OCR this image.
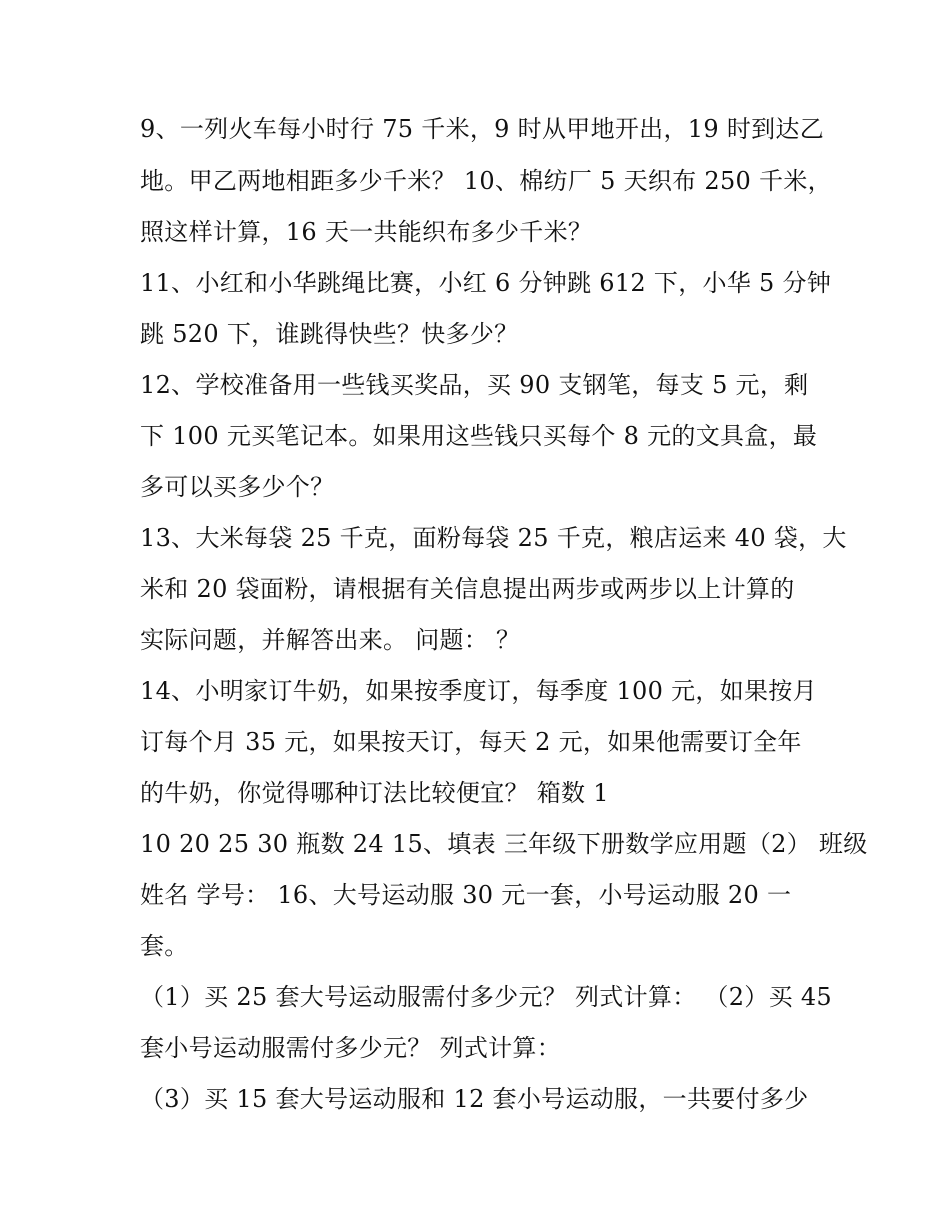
9、一列火车每小时行 75 千米，9 时从甲地开出，19 时到达乙
地。甲乙两地相距多少千米？ 10、棉纺厂 5 天织布 250 千米，
照这样计算，16 天一共能织布多少千米？
11、小红和小华跳绳比赛，小红 6 分钟跳 612 下，小华 5 分钟
跳 520 下，谁跳得快些？快多少？
12、学校准备用一些钱买奖品，买 90 支钢笔，每支 5 元，剩
下 100 元买笔记本。如果用这些钱只买每个 8 元的文具盒，最
多可以买多少个？
13、大米每袋 25 千克，面粉每袋 25 千克，粮店运来 40 袋，大
米和 20 袋面粉，请根据有关信息提出两步或两步以上计算的
实际问题，并解答出来。 问题： ？
14、小明家订牛奶，如果按季度订，每季度 100 元，如果按月
订每个月 35 元，如果按天订，每天 2 元，如果他需要订全年
的牛奶，你觉得哪种订法比较便宜？ 箱数 1
10 20 25 30 瓶数 24 15、填表 三年级下册数学应用题（2） 班级
姓名 学号： 16、大号运动服 30 元一套，小号运动服 20 一
套。
（1）买 25 套大号运动服需付多少元？ 列式计算： （2）买 45
套小号运动服需付多少元？ 列式计算：
（3）买 15 套大号运动服和 12 套小号运动服，一共要付多少
